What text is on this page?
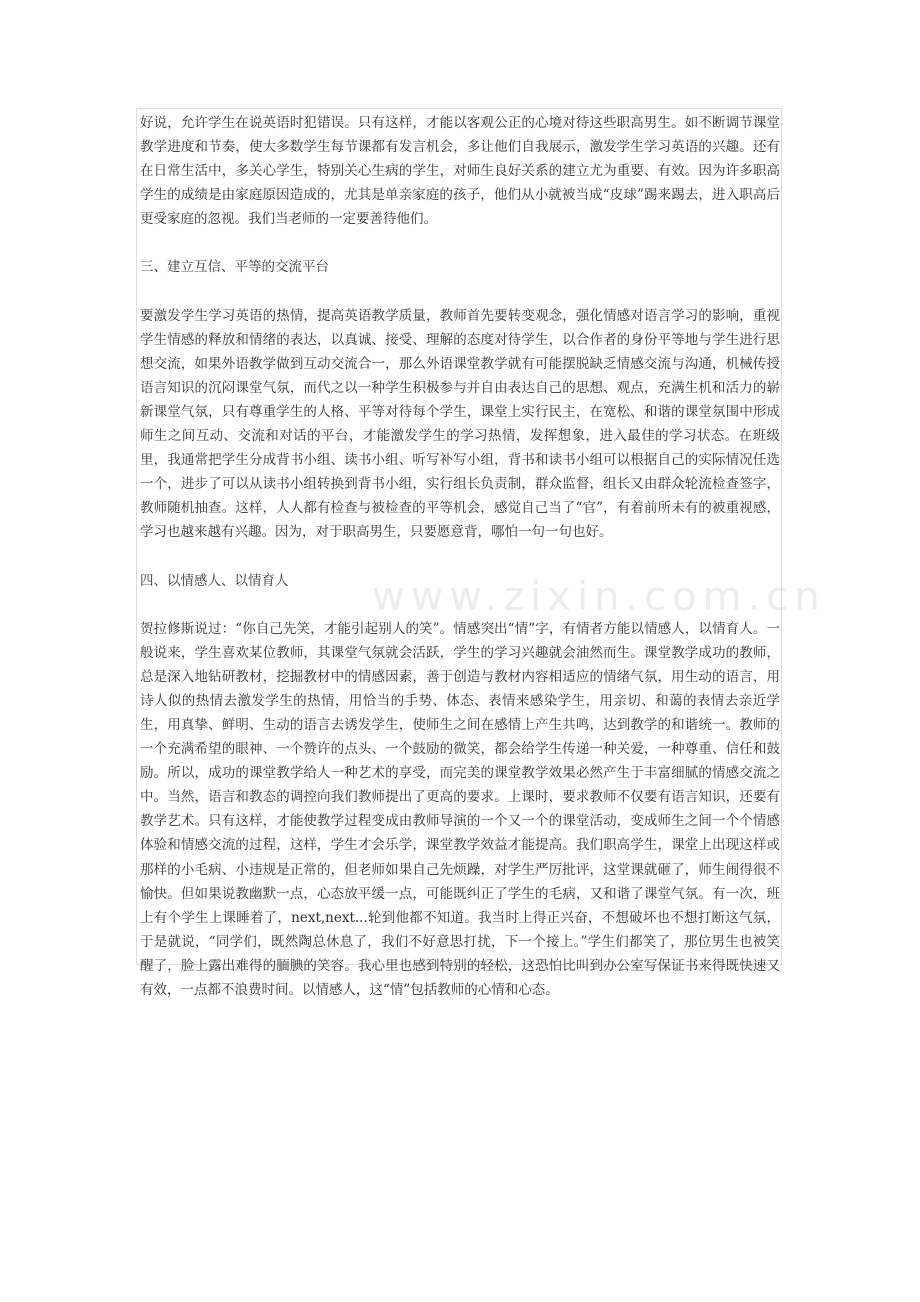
好说，允许学生在说英语时犯错误。只有这样，才能以客观公正的心境对待这些职高男生。如不断调节课堂教学进度和节奏，使大多数学生每节课都有发言机会，多让他们自我展示，激发学生学习英语的兴趣。还有在日常生活中，多关心学生，特别关心生病的学生，对师生良好关系的建立尤为重要、有效。因为许多职高学生的成绩是由家庭原因造成的，尤其是单亲家庭的孩子，他们从小就被当成“皮球”踢来踢去，进入职高后更受家庭的忽视。我们当老师的一定要善待他们。

三、建立互信、平等的交流平台

要激发学生学习英语的热情，提高英语教学质量，教师首先要转变观念，强化情感对语言学习的影响，重视学生情感的释放和情绪的表达，以真诚、接受、理解的态度对待学生，以合作者的身份平等地与学生进行思想交流，如果外语教学做到互动交流合一，那么外语课堂教学就有可能摆脱缺乏情感交流与沟通，机械传授语言知识的沉闷课堂气氛，而代之以一种学生积极参与并自由表达自己的思想、观点，充满生机和活力的崭新课堂气氛，只有尊重学生的人格、平等对待每个学生，课堂上实行民主，在宽松、和谐的课堂氛围中形成师生之间互动、交流和对话的平台，才能激发学生的学习热情，发挥想象，进入最佳的学习状态。在班级里，我通常把学生分成背书小组、读书小组、听写补写小组，背书和读书小组可以根据自己的实际情况任选一个，进步了可以从读书小组转换到背书小组，实行组长负责制，群众监督，组长又由群众轮流检查签字，教师随机抽查。这样，人人都有检查与被检查的平等机会，感觉自己当了“官”，有着前所未有的被重视感，学习也越来越有兴趣。因为，对于职高男生，只要愿意背，哪怕一句一句也好。

四、以情感人、以情育人

贺拉修斯说过：“你自己先笑，才能引起别人的笑”。情感突出“情”字，有情者方能以情感人，以情育人。一般说来，学生喜欢某位教师，其课堂气氛就会活跃，学生的学习兴趣就会油然而生。课堂教学成功的教师，总是深入地钻研教材，挖掘教材中的情感因素，善于创造与教材内容相适应的情绪气氛，用生动的语言，用诗人似的热情去激发学生的热情，用恰当的手势、体态、表情来感染学生，用亲切、和蔼的表情去亲近学生，用真挚、鲜明、生动的语言去诱发学生，使师生之间在感情上产生共鸣，达到教学的和谐统一。教师的一个充满希望的眼神、一个赞许的点头、一个鼓励的微笑，都会给学生传递一种关爱，一种尊重、信任和鼓励。所以，成功的课堂教学给人一种艺术的享受，而完美的课堂教学效果必然产生于丰富细腻的情感交流之中。当然，语言和教态的调控向我们教师提出了更高的要求。上课时，要求教师不仅要有语言知识，还要有教学艺术。只有这样，才能使教学过程变成由教师导演的一个又一个的课堂活动，变成师生之间一个个情感体验和情感交流的过程，这样，学生才会乐学，课堂教学效益才能提高。我们职高学生，课堂上出现这样或那样的小毛病、小违规是正常的，但老师如果自己先烦躁，对学生严厉批评，这堂课就砸了，师生闹得很不愉快。但如果说教幽默一点，心态放平缓一点，可能既纠正了学生的毛病，又和谐了课堂气氛。有一次，班上有个学生上课睡着了，next,next...轮到他都不知道。我当时上得正兴奋，不想破坏也不想打断这气氛，于是就说，“同学们，既然陶总休息了，我们不好意思打扰，下一个接上。”学生们都笑了，那位男生也被笑醒了，脸上露出难得的腼腆的笑容。我心里也感到特别的轻松，这恐怕比叫到办公室写保证书来得既快速又有效，一点都不浪费时间。以情感人，这“情”包括教师的心情和心态。

www.zixin.com.cn
